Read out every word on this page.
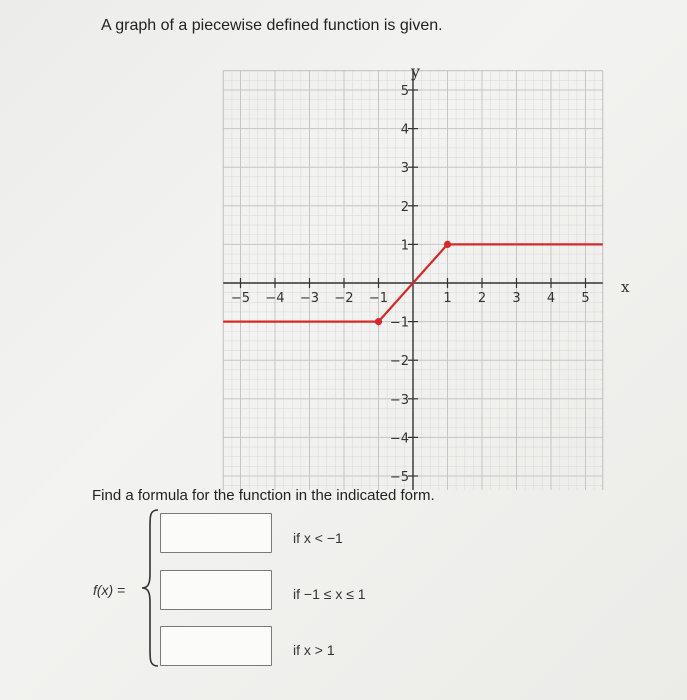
A graph of a piecewise defined function is given.
−5 −4 −3 −2 −1	1 2 3 4 5
5
4
3
2
1
−1
−2
−3
−4
−5
x
y
Find a formula for the function in the indicated form.
f(x) =
if x < −1
if −1 ≤ x ≤ 1
if x > 1
